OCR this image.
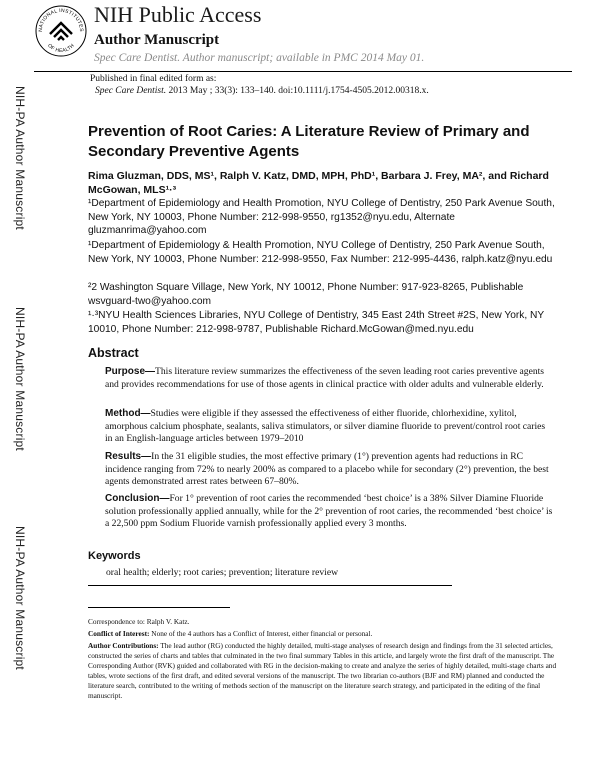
NATIONAL INSTITUTES
OF HEALTH
NIH Public Access
Author Manuscript
Spec Care Dentist. Author manuscript; available in PMC 2014 May 01.
Published in final edited form as:
Spec Care Dentist. 2013 May ; 33(3): 133–140. doi:10.1111/j.1754-4505.2012.00318.x.
NIH-PA Author Manuscript
NIH-PA Author Manuscript
NIH-PA Author Manuscript
Prevention of Root Caries: A Literature Review of Primary and Secondary Preventive Agents
Rima Gluzman, DDS, MS¹, Ralph V. Katz, DMD, MPH, PhD¹, Barbara J. Frey, MA², and Richard McGowan, MLS¹·³
¹Department of Epidemiology and Health Promotion, NYU College of Dentistry, 250 Park Avenue South, New York, NY 10003, Phone Number: 212-998-9550, rg1352@nyu.edu, Alternate gluzmanrima@yahoo.com
¹Department of Epidemiology & Health Promotion, NYU College of Dentistry, 250 Park Avenue South, New York, NY 10003, Phone Number: 212-998-9550, Fax Number: 212-995-4436, ralph.katz@nyu.edu
²2 Washington Square Village, New York, NY 10012, Phone Number: 917-923-8265, Publishable wsvguard-two@yahoo.com
¹·³NYU Health Sciences Libraries, NYU College of Dentistry, 345 East 24th Street #2S, New York, NY 10010, Phone Number: 212-998-9787, Publishable Richard.McGowan@med.nyu.edu
Abstract
Purpose—This literature review summarizes the effectiveness of the seven leading root caries preventive agents and provides recommendations for use of those agents in clinical practice with older adults and vulnerable elderly.
Method—Studies were eligible if they assessed the effectiveness of either fluoride, chlorhexidine, xylitol, amorphous calcium phosphate, sealants, saliva stimulators, or silver diamine fluoride to prevent/control root caries in an English-language articles between 1979–2010
Results—In the 31 eligible studies, the most effective primary (1°) prevention agents had reductions in RC incidence ranging from 72% to nearly 200% as compared to a placebo while for secondary (2°) prevention, the best agents demonstrated arrest rates between 67–80%.
Conclusion—For 1° prevention of root caries the recommended ‘best choice’ is a 38% Silver Diamine Fluoride solution professionally applied annually, while for the 2° prevention of root caries, the recommended ‘best choice’ is a 22,500 ppm Sodium Fluoride varnish professionally applied every 3 months.
Keywords
oral health; elderly; root caries; prevention; literature review
Correspondence to: Ralph V. Katz.
Conflict of Interest: None of the 4 authors has a Conflict of Interest, either financial or personal.
Author Contributions: The lead author (RG) conducted the highly detailed, multi-stage analyses of research design and findings from the 31 selected articles, constructed the series of charts and tables that culminated in the two final summary Tables in this article, and largely wrote the first draft of the manuscript. The Corresponding Author (RVK) guided and collaborated with RG in the decision-making to create and analyze the series of highly detailed, multi-stage charts and tables, wrote sections of the first draft, and edited several versions of the manuscript. The two librarian co-authors (BJF and RM) planned and conducted the literature search, contributed to the writing of methods section of the manuscript on the literature search strategy, and participated in the editing of the final manuscript.
